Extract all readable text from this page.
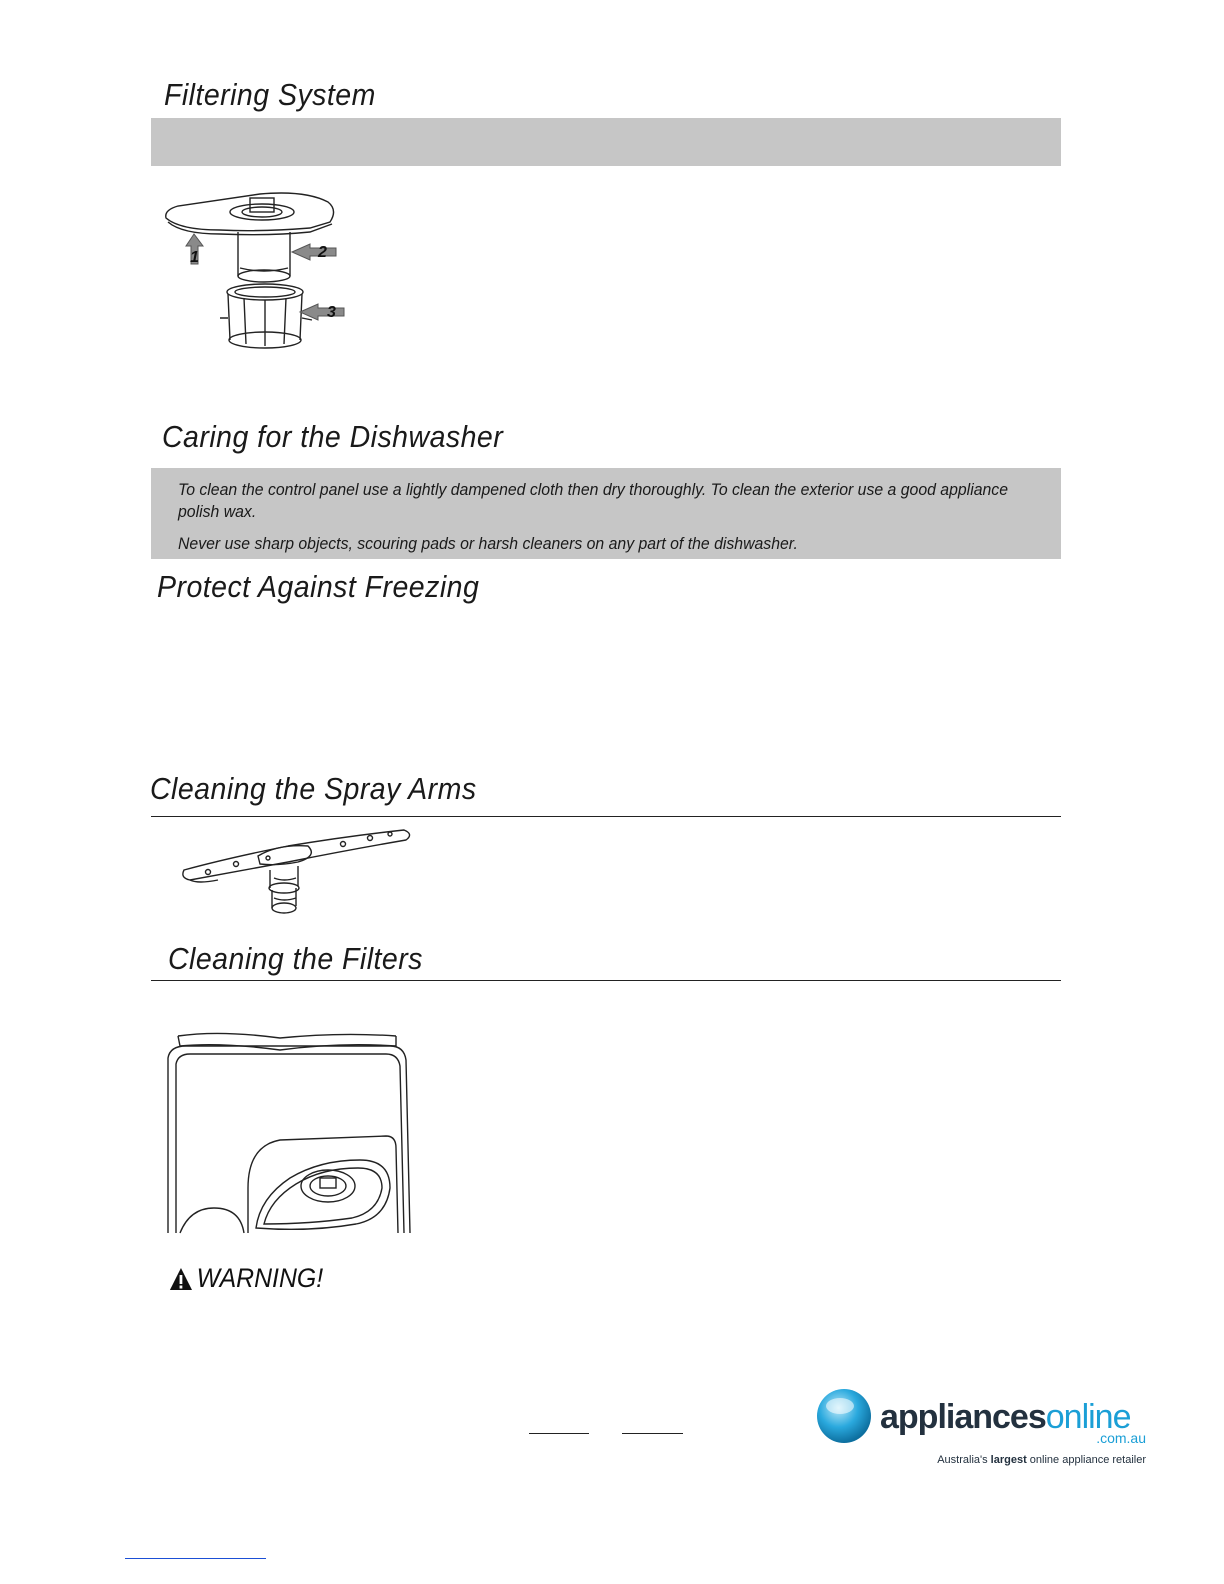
Filtering System
1	2
3
Caring for the Dishwasher

To clean the control panel use a lightly dampened cloth then dry thoroughly. To clean the exterior use a good appliance polish wax.

Never use sharp objects, scouring pads or harsh cleaners on any part of the dishwasher.

Protect Against Freezing
Cleaning the Spray Arms
Cleaning the Filters
WARNING!
appliancesonline
.com.au
Australia's largest online appliance retailer
